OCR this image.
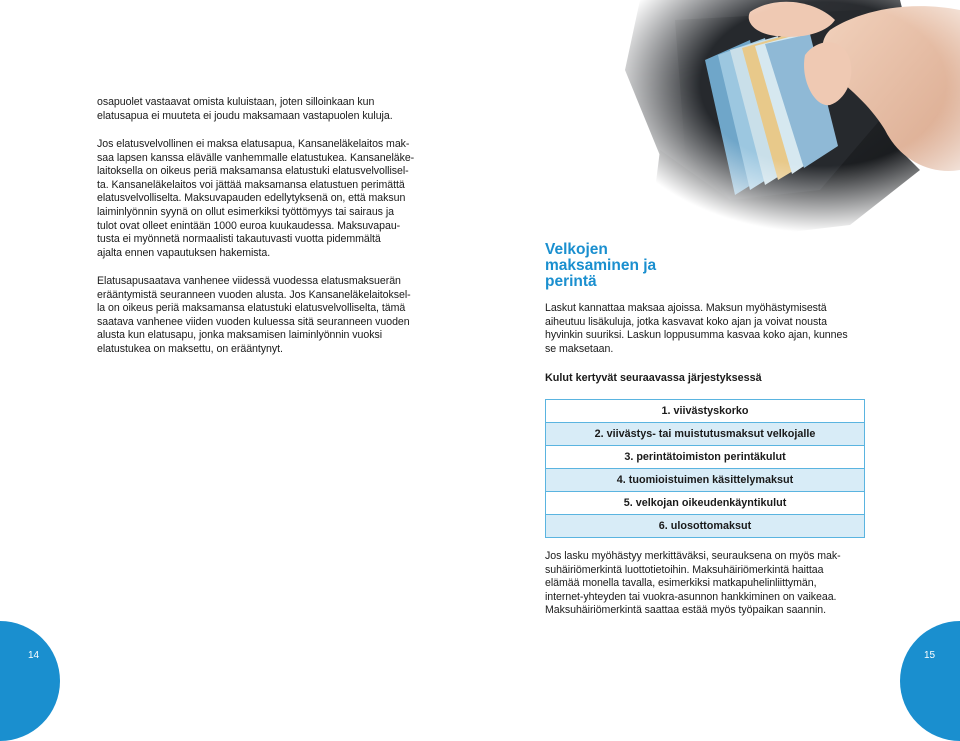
osapuolet vastaavat omista kuluistaan, joten silloinkaan kun
elatusapua ei muuteta ei joudu maksamaan vastapuolen kuluja.

Jos elatusvelvollinen ei maksa elatusapua, Kansaneläkelaitos mak-
saa lapsen kanssa elävälle vanhemmalle elatustukea. Kansaneläke-
laitoksella on oikeus periä maksamansa elatustuki elatusvelvollisel-
ta. Kansaneläkelaitos voi jättää maksamansa elatustuen perimättä
elatusvelvolliselta. Maksuvapauden edellytyksenä on, että maksun
laiminlyönnin syynä on ollut esimerkiksi työttömyys tai sairaus ja
tulot ovat olleet enintään 1000 euroa kuukaudessa. Maksuvapau-
tusta ei myönnetä normaalisti takautuvasti vuotta pidemmältä
ajalta ennen vapautuksen hakemista.

Elatusapusaatava vanhenee viidessä vuodessa elatusmaksuerän
erääntymistä seuranneen vuoden alusta. Jos Kansaneläkelaitoksel-
la on oikeus periä maksamansa elatustuki elatusvelvolliselta, tämä
saatava vanhenee viiden vuoden kuluessa sitä seuranneen vuoden
alusta kun elatusapu, jonka maksamisen laiminlyönnin vuoksi
elatustukea on maksettu, on erääntynyt.

Velkojen
maksaminen ja
perintä

Laskut kannattaa maksaa ajoissa. Maksun myöhästymisestä
aiheutuu lisäkuluja, jotka kasvavat koko ajan ja voivat nousta
hyvinkin suuriksi. Laskun loppusumma kasvaa koko ajan, kunnes
se maksetaan.

Kulut kertyvät seuraavassa järjestyksessä

1. viivästyskorko
2. viivästys- tai muistutusmaksut velkojalle
3. perintätoimiston perintäkulut
4. tuomioistuimen käsittelymaksut
5. velkojan oikeudenkäyntikulut
6. ulosottomaksut

Jos lasku myöhästyy merkittäväksi, seurauksena on myös mak-
suhäiriömerkintä luottotietoihin. Maksuhäiriömerkintä haittaa
elämää monella tavalla, esimerkiksi matkapuhelinliittymän,
internet-yhteyden tai vuokra-asunnon hankkiminen on vaikeaa.
Maksuhäiriömerkintä saattaa estää myös työpaikan saannin.

14	15
